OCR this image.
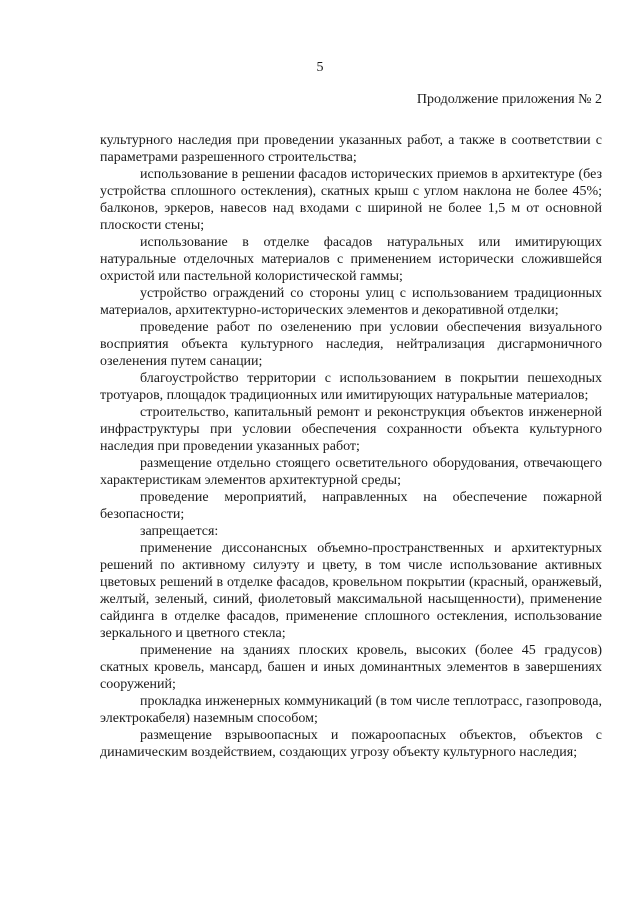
5
Продолжение приложения № 2

культурного наследия при проведении указанных работ, а также в соответствии с параметрами разрешенного строительства;

использование в решении фасадов исторических приемов в архитектуре (без устройства сплошного остекления), скатных крыш с углом наклона не более 45%; балконов, эркеров, навесов над входами с шириной не более 1,5 м от основной плоскости стены;

использование в отделке фасадов натуральных или имитирующих натуральные отделочных материалов с применением исторически сложившейся охристой или пастельной колористической гаммы;

устройство ограждений со стороны улиц с использованием традиционных материалов, архитектурно-исторических элементов и декоративной отделки;

проведение работ по озеленению при условии обеспечения визуального восприятия объекта культурного наследия, нейтрализация дисгармоничного озеленения путем санации;

благоустройство территории с использованием в покрытии пешеходных тротуаров, площадок традиционных или имитирующих натуральные материалов;

строительство, капитальный ремонт и реконструкция объектов инженерной инфраструктуры при условии обеспечения сохранности объекта культурного наследия при проведении указанных работ;

размещение отдельно стоящего осветительного оборудования, отвечающего характеристикам элементов архитектурной среды;

проведение мероприятий, направленных на обеспечение пожарной безопасности;

запрещается:

применение диссонансных объемно-пространственных и архитектурных решений по активному силуэту и цвету, в том числе использование активных цветовых решений в отделке фасадов, кровельном покрытии (красный, оранжевый, желтый, зеленый, синий, фиолетовый максимальной насыщенности), применение сайдинга в отделке фасадов, применение сплошного остекления, использование зеркального и цветного стекла;

применение на зданиях плоских кровель, высоких (более 45 градусов) скатных кровель, мансард, башен и иных доминантных элементов в завершениях сооружений;

прокладка инженерных коммуникаций (в том числе теплотрасс, газопровода, электрокабеля) наземным способом;

размещение взрывоопасных и пожароопасных объектов, объектов с динамическим воздействием, создающих угрозу объекту культурного наследия;
